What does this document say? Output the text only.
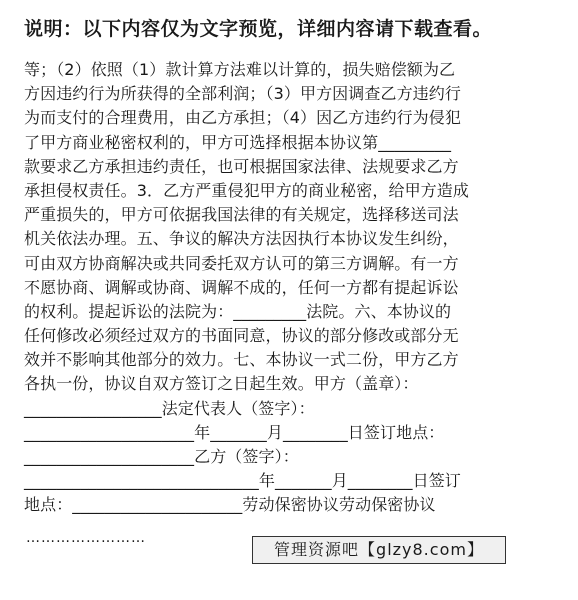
说明：以下内容仅为文字预览，详细内容请下载查看。
等；（2）依照（1）款计算方法难以计算的，损失赔偿额为乙
方因违约行为所获得的全部利润；（3）甲方因调查乙方违约行
为而支付的合理费用，由乙方承担；（4）因乙方违约行为侵犯
了甲方商业秘密权利的，甲方可选择根据本协议第_________
款要求乙方承担违约责任，也可根据国家法律、法规要求乙方
承担侵权责任。3．乙方严重侵犯甲方的商业秘密，给甲方造成
严重损失的，甲方可依据我国法律的有关规定，选择移送司法
机关依法办理。五、争议的解决方法因执行本协议发生纠纷，
可由双方协商解决或共同委托双方认可的第三方调解。有一方
不愿协商、调解或协商、调解不成的，任何一方都有提起诉讼
的权利。提起诉讼的法院为：_________法院。六、本协议的
任何修改必须经过双方的书面同意，协议的部分修改或部分无
效并不影响其他部分的效力。七、本协议一式二份，甲方乙方
各执一份，协议自双方签订之日起生效。甲方（盖章）：
_________________法定代表人（签字）：
_____________________年_______月________日签订地点：
_____________________乙方（签字）：
_____________________________年_______月________日签订
地点：_____________________劳动保密协议劳动保密协议
……………………
管理资源吧【glzy8.com】
